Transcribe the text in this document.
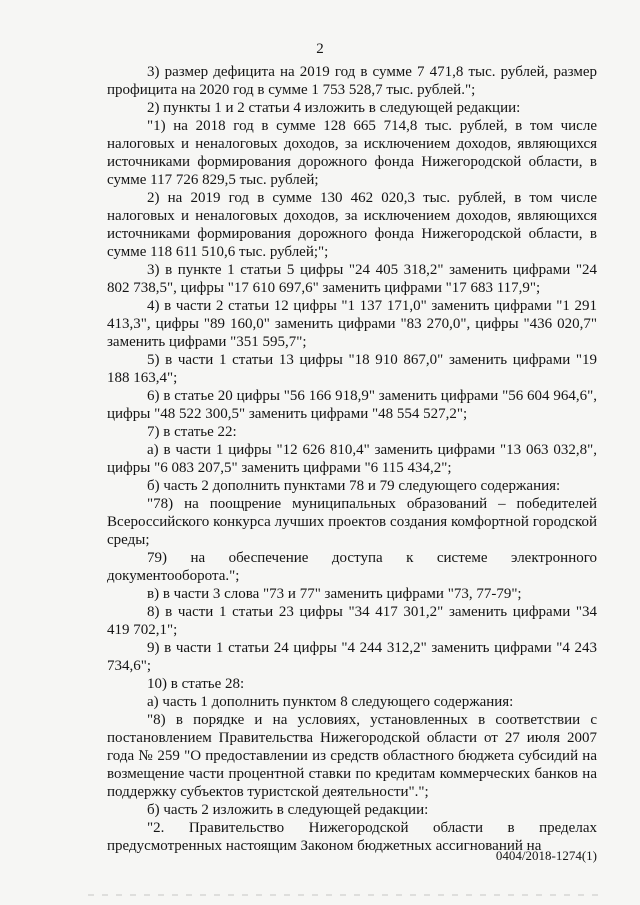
2

3) размер дефицита на 2019 год в сумме 7 471,8 тыс. рублей, размер профицита на 2020 год в сумме 1 753 528,7 тыс. рублей.";

2) пункты 1 и 2 статьи 4 изложить в следующей редакции:

"1) на 2018 год в сумме 128 665 714,8 тыс. рублей, в том числе налоговых и неналоговых доходов, за исключением доходов, являющихся источниками формирования дорожного фонда Нижегородской области, в сумме 117 726 829,5 тыс. рублей;

2) на 2019 год в сумме 130 462 020,3 тыс. рублей, в том числе налоговых и неналоговых доходов, за исключением доходов, являющихся источниками формирования дорожного фонда Нижегородской области, в сумме 118 611 510,6 тыс. рублей;";

3) в пункте 1 статьи 5 цифры "24 405 318,2" заменить цифрами "24 802 738,5", цифры "17 610 697,6" заменить цифрами "17 683 117,9";

4) в части 2 статьи 12 цифры "1 137 171,0" заменить цифрами "1 291 413,3", цифры "89 160,0" заменить цифрами "83 270,0", цифры "436 020,7" заменить цифрами "351 595,7";

5) в части 1 статьи 13 цифры "18 910 867,0" заменить цифрами "19 188 163,4";

6) в статье 20 цифры "56 166 918,9" заменить цифрами "56 604 964,6", цифры "48 522 300,5" заменить цифрами "48 554 527,2";

7) в статье 22:

а) в части 1 цифры "12 626 810,4" заменить цифрами "13 063 032,8", цифры "6 083 207,5" заменить цифрами "6 115 434,2";

б) часть 2 дополнить пунктами 78 и 79 следующего содержания:

"78) на поощрение муниципальных образований – победителей Всероссийского конкурса лучших проектов создания комфортной городской среды;

79) на обеспечение доступа к системе электронного документооборота.";

в) в части 3 слова "73 и 77" заменить цифрами "73, 77-79";

8) в части 1 статьи 23 цифры "34 417 301,2" заменить цифрами "34 419 702,1";

9) в части 1 статьи 24 цифры "4 244 312,2" заменить цифрами "4 243 734,6";

10) в статье 28:

а) часть 1 дополнить пунктом 8 следующего содержания:

"8) в порядке и на условиях, установленных в соответствии с постановлением Правительства Нижегородской области от 27 июля 2007 года № 259 "О предоставлении из средств областного бюджета субсидий на возмещение части процентной ставки по кредитам коммерческих банков на поддержку субъектов туристской деятельности".";

б) часть 2 изложить в следующей редакции:

"2. Правительство Нижегородской области в пределах предусмотренных настоящим Законом бюджетных ассигнований на

0404/2018-1274(1)
